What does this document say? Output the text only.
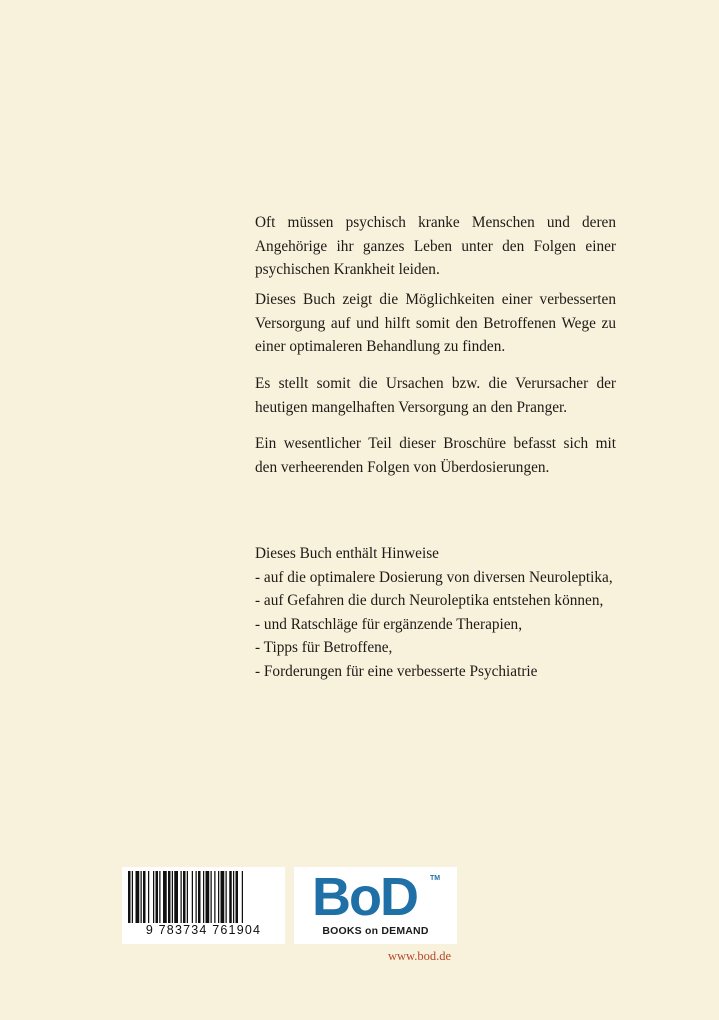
Oft müssen psychisch kranke Menschen und deren Angehörige ihr ganzes Leben unter den Folgen einer psychischen Krankheit leiden.

Dieses Buch zeigt die Möglichkeiten einer verbesserten Versorgung auf und hilft somit den Betroffenen Wege zu einer optimaleren Behandlung zu finden.

Es stellt somit die Ursachen bzw. die Verursacher der heutigen mangelhaften Versorgung an den Pranger.

Ein wesentlicher Teil dieser Broschüre befasst sich mit den verheerenden Folgen von Überdosierungen.

Dieses Buch enthält Hinweise
- auf die optimalere Dosierung von diversen Neuroleptika,
- auf Gefahren die durch Neuroleptika entstehen können,
- und Ratschläge für ergänzende Therapien,
- Tipps für Betroffene,
- Forderungen für eine verbesserte Psychiatrie
9 783734 761904
BoD TM
BOOKS on DEMAND
www.bod.de
